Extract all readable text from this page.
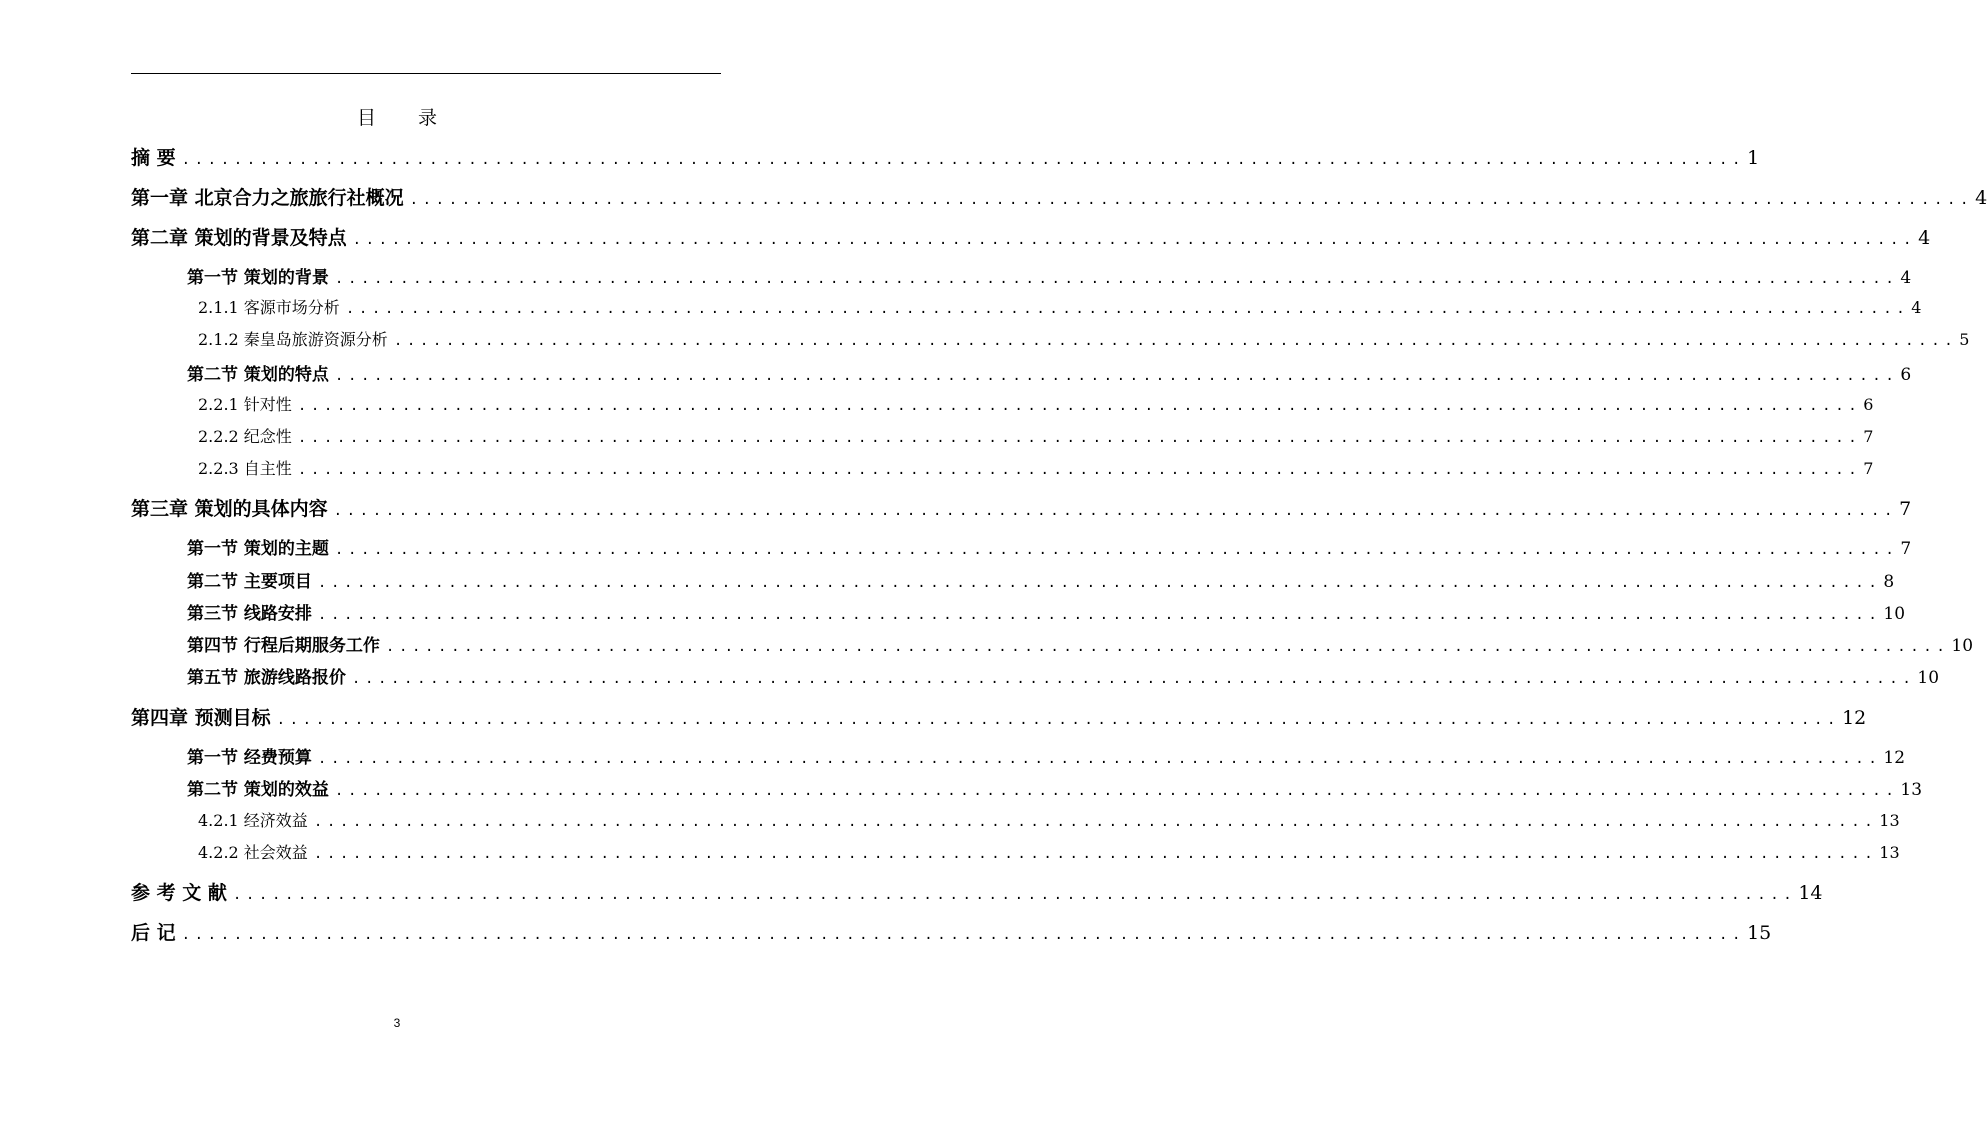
目 录
摘 要 ........................................................................................................................ 1
第一章 北京合力之旅旅行社概况 ........................................................................................................................ 4
第二章 策划的背景及特点 ........................................................................................................................ 4
第一节 策划的背景 ........................................................................................................................ 4
2.1.1 客源市场分析 ........................................................................................................................ 4
2.1.2 秦皇岛旅游资源分析 ........................................................................................................................ 5
第二节 策划的特点 ........................................................................................................................ 6
2.2.1 针对性 ........................................................................................................................ 6
2.2.2 纪念性 ........................................................................................................................ 7
2.2.3 自主性 ........................................................................................................................ 7
第三章 策划的具体内容 ........................................................................................................................ 7
第一节 策划的主题 ........................................................................................................................ 7
第二节 主要项目 ........................................................................................................................ 8
第三节 线路安排 ........................................................................................................................ 10
第四节 行程后期服务工作 ........................................................................................................................ 10
第五节 旅游线路报价 ........................................................................................................................ 10
第四章 预测目标 ........................................................................................................................ 12
第一节 经费预算 ........................................................................................................................ 12
第二节 策划的效益 ........................................................................................................................ 13
4.2.1 经济效益 ........................................................................................................................ 13
4.2.2 社会效益 ........................................................................................................................ 13
参 考 文 献 ........................................................................................................................ 14
后 记 ........................................................................................................................ 15
3
